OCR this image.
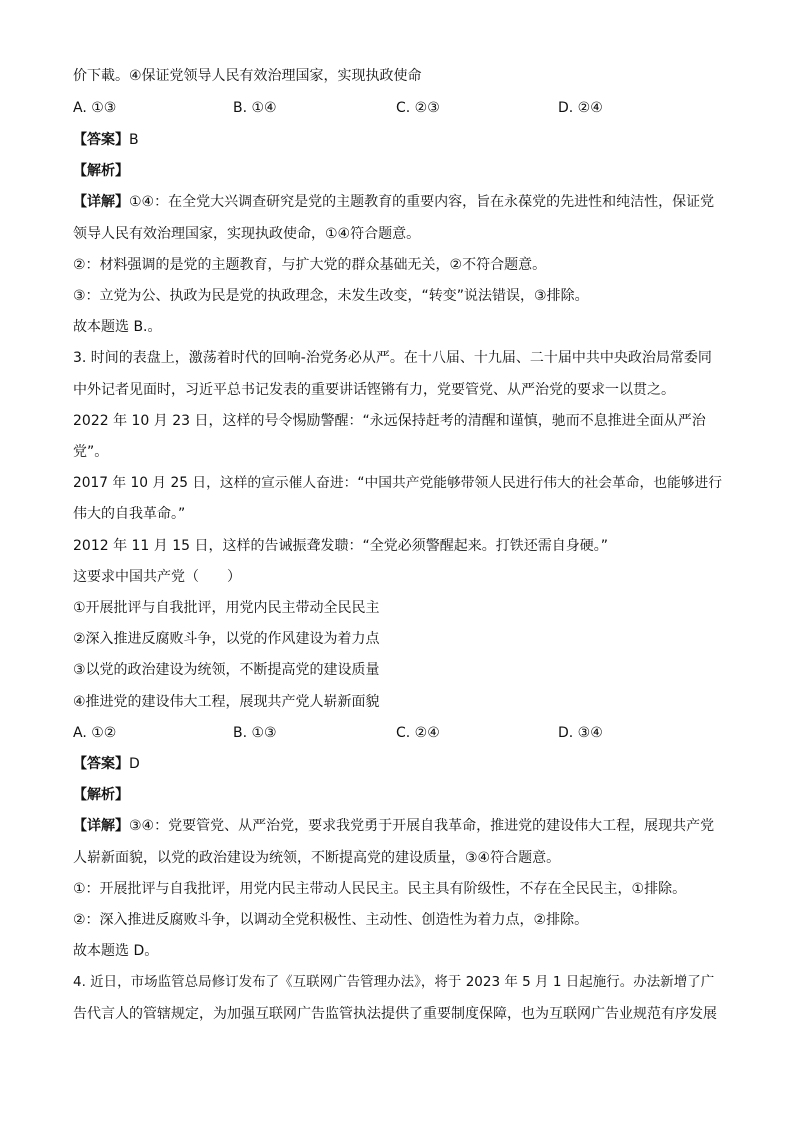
价下載。④保证党领导人民有效治理国家，实现执政使命
A. ①③	B. ①④	C. ②③	D. ②④
【答案】B
【解析】
【详解】①④：在全党大兴调查研究是党的主题教育的重要内容，旨在永葆党的先进性和纯洁性，保证党
领导人民有效治理国家，实现执政使命，①④符合题意。
②：材料强调的是党的主题教育，与扩大党的群众基础无关，②不符合题意。
③：立党为公、执政为民是党的执政理念，未发生改变，“转变”说法错误，③排除。
故本题选 B.。
3. 时间的表盘上，激荡着时代的回响-治党务必从严。在十八届、十九届、二十届中共中央政治局常委同
中外记者见面时，习近平总书记发表的重要讲话铿锵有力，党要管党、从严治党的要求一以贯之。
2022 年 10 月 23 日，这样的号令惕励警醒：“永远保持赶考的清醒和谨慎，驰而不息推进全面从严治
党”。
2017 年 10 月 25 日，这样的宣示催人奋进：“中国共产党能够带领人民进行伟大的社会革命，也能够进行
伟大的自我革命。”
2012 年 11 月 15 日，这样的告诫振聋发聩：“全党必须警醒起来。打铁还需自身硬。”
这要求中国共产党（　　）
①开展批评与自我批评，用党内民主带动全民民主
②深入推进反腐败斗争，以党的作风建设为着力点
③以党的政治建设为统领，不断提高党的建设质量
④推进党的建设伟大工程，展现共产党人崭新面貌
A. ①②	B. ①③	C. ②④	D. ③④
【答案】D
【解析】
【详解】③④：党要管党、从严治党，要求我党勇于开展自我革命，推进党的建设伟大工程，展现共产党
人崭新面貌，以党的政治建设为统领，不断提高党的建设质量，③④符合题意。
①：开展批评与自我批评，用党内民主带动人民民主。民主具有阶级性，不存在全民民主，①排除。
②：深入推进反腐败斗争，以调动全党积极性、主动性、创造性为着力点，②排除。
故本题选 D。
4. 近日，市场监管总局修订发布了《互联网广告管理办法》，将于 2023 年 5 月 1 日起施行。办法新增了广
告代言人的管辖规定，为加强互联网广告监管执法提供了重要制度保障，也为互联网广告业规范有序发展
